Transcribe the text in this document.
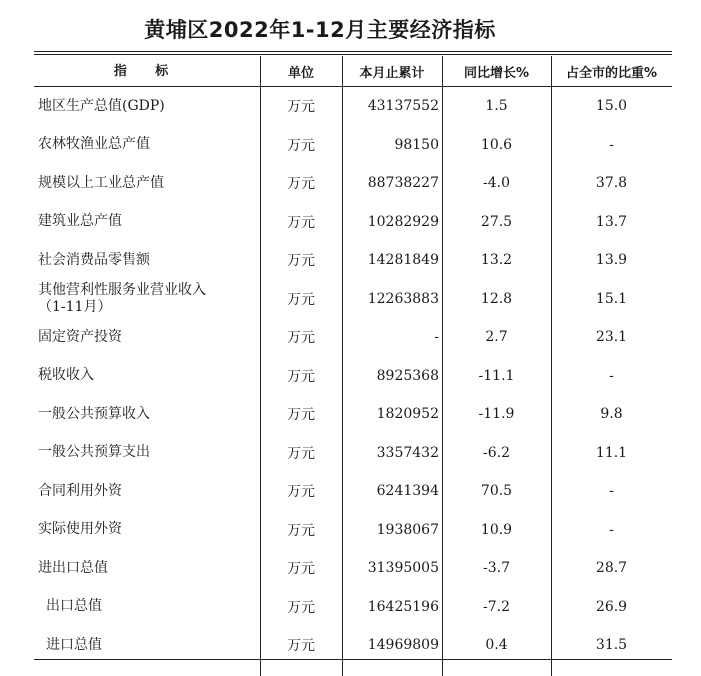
黄埔区2022年1-12月主要经济指标
指 标	单位	本月止累计	同比增长%	占全市的比重%
地区生产总值(GDP)	万元	43137552	1.5	15.0
农林牧渔业总产值	万元	98150	10.6	-
规模以上工业总产值	万元	88738227	-4.0	37.8
建筑业总产值	万元	10282929	27.5	13.7
社会消费品零售额	万元	14281849	13.2	13.9
其他营利性服务业营业收入
（1-11月）	万元	12263883	12.8	15.1
固定资产投资	万元	-	2.7	23.1
税收收入	万元	8925368	-11.1	-
一般公共预算收入	万元	1820952	-11.9	9.8
一般公共预算支出	万元	3357432	-6.2	11.1
合同利用外资	万元	6241394	70.5	-
实际使用外资	万元	1938067	10.9	-
进出口总值	万元	31395005	-3.7	28.7
出口总值	万元	16425196	-7.2	26.9
进口总值	万元	14969809	0.4	31.5
